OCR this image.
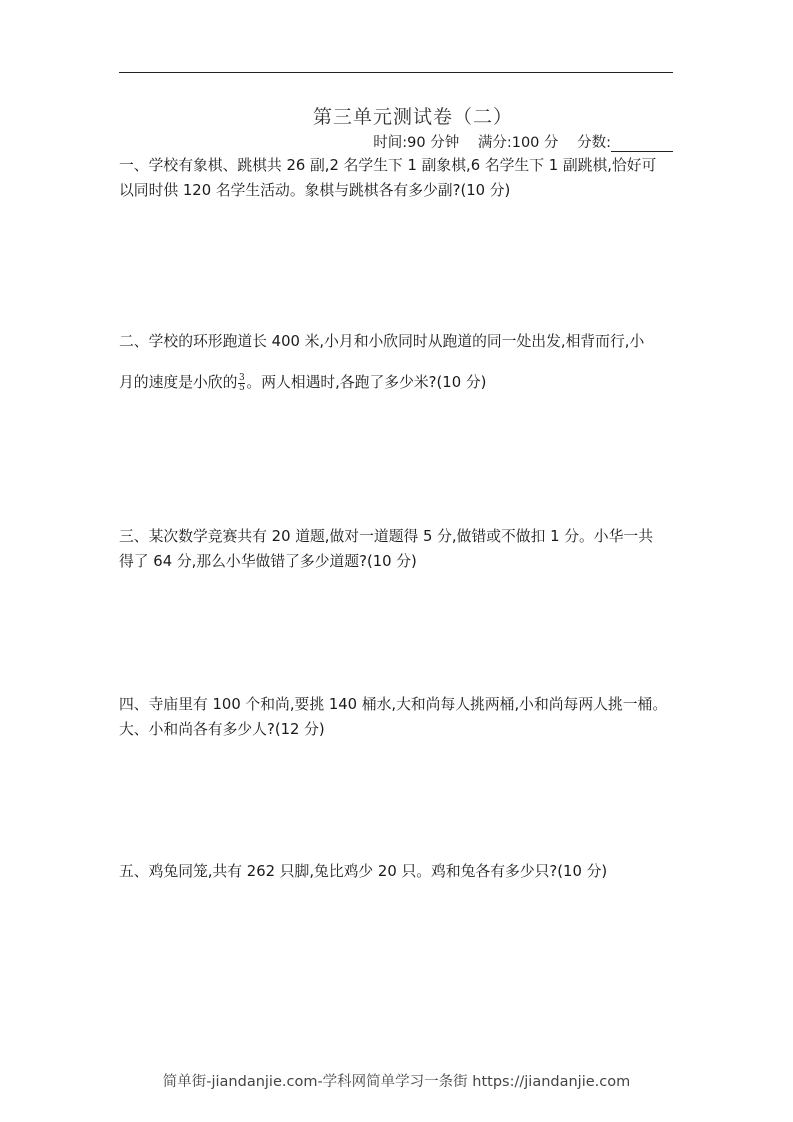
第三单元测试卷（二）
时间:90 分钟 满分:100 分 分数:
一、学校有象棋、跳棋共 26 副,2 名学生下 1 副象棋,6 名学生下 1 副跳棋,恰好可
以同时供 120 名学生活动。象棋与跳棋各有多少副?(10 分)
二、学校的环形跑道长 400 米,小月和小欣同时从跑道的同一处出发,相背而行,小
月的速度是小欣的 $\frac{3}{5}$ 。两人相遇时,各跑了多少米?(10 分)
三、某次数学竞赛共有 20 道题,做对一道题得 5 分,做错或不做扣 1 分。小华一共
得了 64 分,那么小华做错了多少道题?(10 分)
四、寺庙里有 100 个和尚,要挑 140 桶水,大和尚每人挑两桶,小和尚每两人挑一桶。
大、小和尚各有多少人?(12 分)
五、鸡兔同笼,共有 262 只脚,兔比鸡少 20 只。鸡和兔各有多少只?(10 分)
简单街-jiandanjie.com-学科网简单学习一条街 https://jiandanjie.com
